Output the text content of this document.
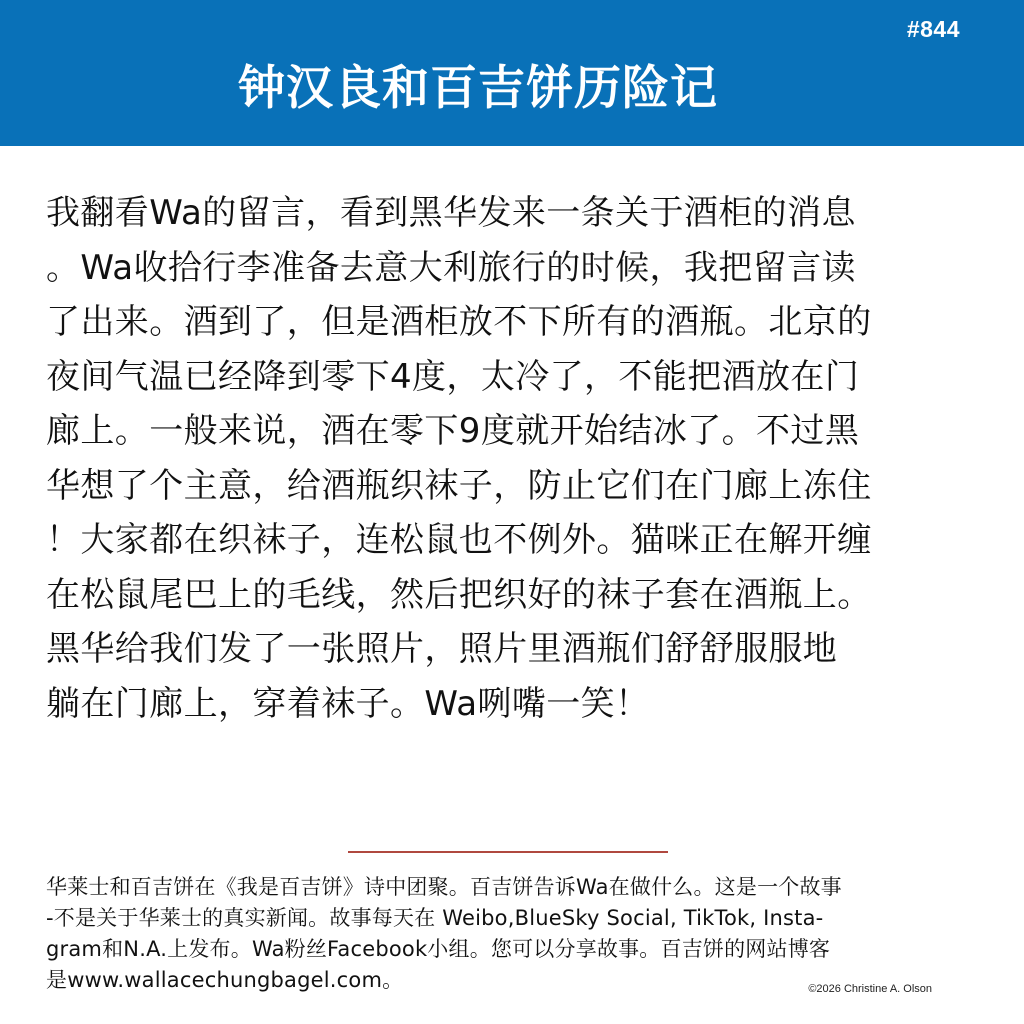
#844
钟汉良和百吉饼历险记
我翻看Wa的留言，看到黑华发来一条关于酒柜的消息
。Wa收拾行李准备去意大利旅行的时候，我把留言读
了出来。酒到了，但是酒柜放不下所有的酒瓶。北京的
夜间气温已经降到零下4度，太冷了，不能把酒放在门
廊上。一般来说，酒在零下9度就开始结冰了。不过黑
华想了个主意，给酒瓶织袜子，防止它们在门廊上冻住
！大家都在织袜子，连松鼠也不例外。猫咪正在解开缠
在松鼠尾巴上的毛线，然后把织好的袜子套在酒瓶上。
黑华给我们发了一张照片，照片里酒瓶们舒舒服服地
躺在门廊上，穿着袜子。Wa咧嘴一笑！
华莱士和百吉饼在《我是百吉饼》诗中团聚。百吉饼告诉Wa在做什么。这是一个故事
-不是关于华莱士的真实新闻。故事每天在 Weibo,BlueSky Social, TikTok, Insta-
gram和N.A.上发布。Wa粉丝Facebook小组。您可以分享故事。百吉饼的网站博客
是www.wallacechungbagel.com。	©2026 Christine A. Olson
